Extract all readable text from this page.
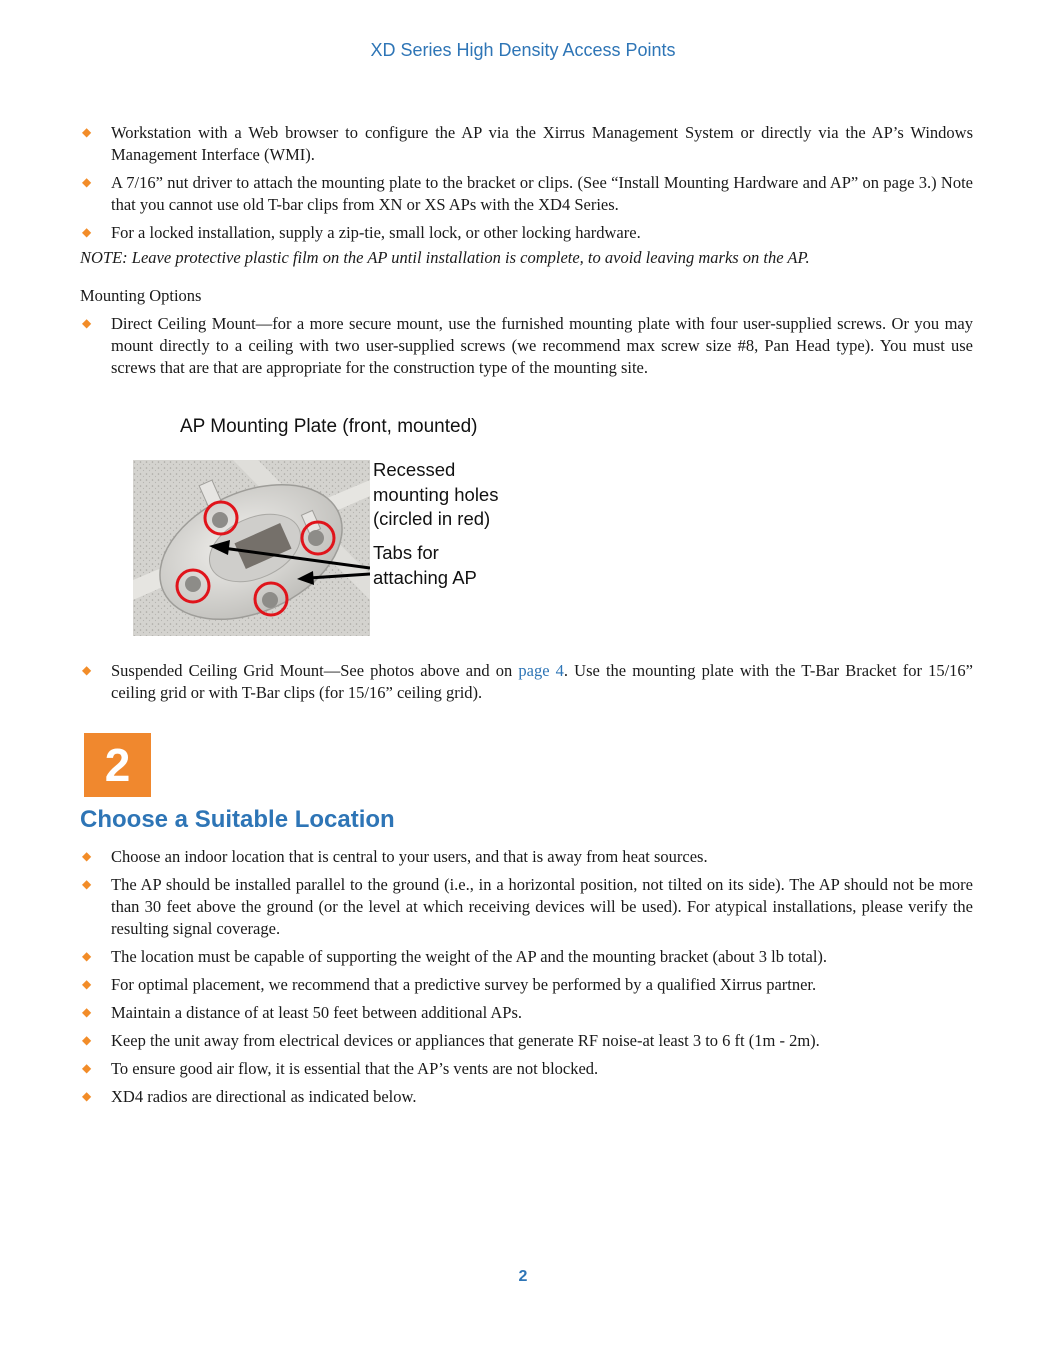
XD Series High Density Access Points
◆ Workstation with a Web browser to configure the AP via the Xirrus Management System or directly via the AP’s Windows Management Interface (WMI).
◆ A 7/16” nut driver to attach the mounting plate to the bracket or clips. (See “Install Mounting Hardware and AP” on page 3.) Note that you cannot use old T-bar clips from XN or XS APs with the XD4 Series.
◆ For a locked installation, supply a zip-tie, small lock, or other locking hardware.
NOTE: Leave protective plastic film on the AP until installation is complete, to avoid leaving marks on the AP.
Mounting Options
◆ Direct Ceiling Mount—for a more secure mount, use the furnished mounting plate with four user-supplied screws. Or you may mount directly to a ceiling with two user-supplied screws (we recommend max screw size #8, Pan Head type). You must use screws that are that are appropriate for the construction type of the mounting site.
AP Mounting Plate (front, mounted)
Recessed
mounting holes
(circled in red)
Tabs for
attaching AP
◆ Suspended Ceiling Grid Mount—See photos above and on page 4. Use the mounting plate with the T-Bar Bracket for 15/16” ceiling grid or with T-Bar clips (for 15/16” ceiling grid).
2
Choose a Suitable Location
◆ Choose an indoor location that is central to your users, and that is away from heat sources.
◆ The AP should be installed parallel to the ground (i.e., in a horizontal position, not tilted on its side). The AP should not be more than 30 feet above the ground (or the level at which receiving devices will be used). For atypical installations, please verify the resulting signal coverage.
◆ The location must be capable of supporting the weight of the AP and the mounting bracket (about 3 lb total).
◆ For optimal placement, we recommend that a predictive survey be performed by a qualified Xirrus partner.
◆ Maintain a distance of at least 50 feet between additional APs.
◆ Keep the unit away from electrical devices or appliances that generate RF noise-at least 3 to 6 ft (1m - 2m).
◆ To ensure good air flow, it is essential that the AP’s vents are not blocked.
◆ XD4 radios are directional as indicated below.
2
